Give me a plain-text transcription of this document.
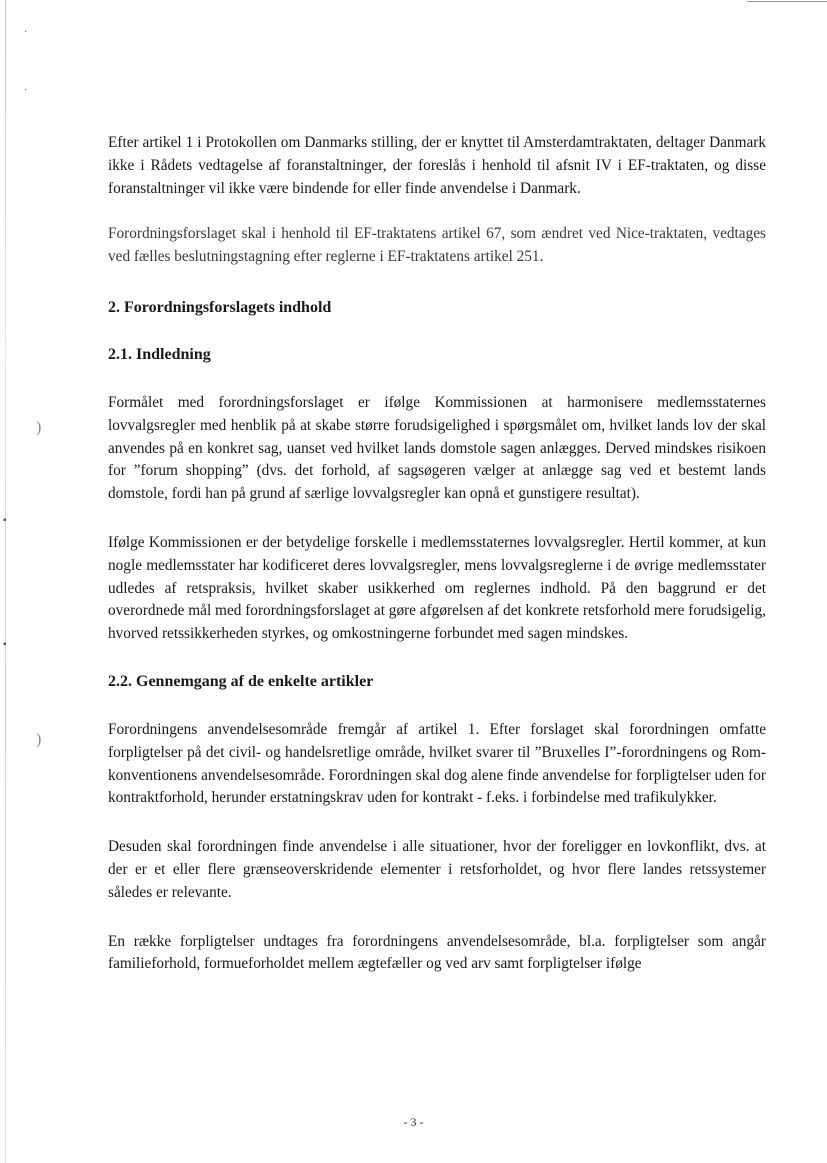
·
·
)
)
▪
▪

Efter artikel 1 i Protokollen om Danmarks stilling, der er knyttet til Amsterdamtraktaten, deltager Danmark ikke i Rådets vedtagelse af foranstaltninger, der foreslås i henhold til afsnit IV i EF-traktaten, og disse foranstaltninger vil ikke være bindende for eller finde anvendelse i Danmark.

Forordningsforslaget skal i henhold til EF-traktatens artikel 67, som ændret ved Nice-traktaten, vedtages ved fælles beslutningstagning efter reglerne i EF-traktatens artikel 251.

2. Forordningsforslagets indhold
2.1. Indledning

Formålet med forordningsforslaget er ifølge Kommissionen at harmonisere medlemsstaternes lovvalgsregler med henblik på at skabe større forudsigelighed i spørgsmålet om, hvilket lands lov der skal anvendes på en konkret sag, uanset ved hvilket lands domstole sagen anlægges. Derved mindskes risikoen for ”forum shopping” (dvs. det forhold, af sagsøgeren vælger at anlægge sag ved et bestemt lands domstole, fordi han på grund af særlige lovvalgsregler kan opnå et gunstigere resultat).

Ifølge Kommissionen er der betydelige forskelle i medlemsstaternes lovvalgsregler. Hertil kommer, at kun nogle medlemsstater har kodificeret deres lovvalgsregler, mens lovvalgsreglerne i de øvrige medlemsstater udledes af retspraksis, hvilket skaber usikkerhed om reglernes indhold. På den baggrund er det overordnede mål med forordningsforslaget at gøre afgørelsen af det konkrete retsforhold mere forudsigelig, hvorved retssikkerheden styrkes, og omkostningerne forbundet med sagen mindskes.

2.2. Gennemgang af de enkelte artikler

Forordningens anvendelsesområde fremgår af artikel 1. Efter forslaget skal forordningen omfatte forpligtelser på det civil- og handelsretlige område, hvilket svarer til ”Bruxelles I”-forordningens og Rom-konventionens anvendelsesområde. Forordningen skal dog alene finde anvendelse for forpligtelser uden for kontraktforhold, herunder erstatningskrav uden for kontrakt - f.eks. i forbindelse med trafikulykker.

Desuden skal forordningen finde anvendelse i alle situationer, hvor der foreligger en lovkonflikt, dvs. at der er et eller flere grænseoverskridende elementer i retsforholdet, og hvor flere landes retssystemer således er relevante.

En række forpligtelser undtages fra forordningens anvendelsesområde, bl.a. forpligtelser som angår familieforhold, formueforholdet mellem ægtefæller og ved arv samt forpligtelser ifølge

- 3 -
